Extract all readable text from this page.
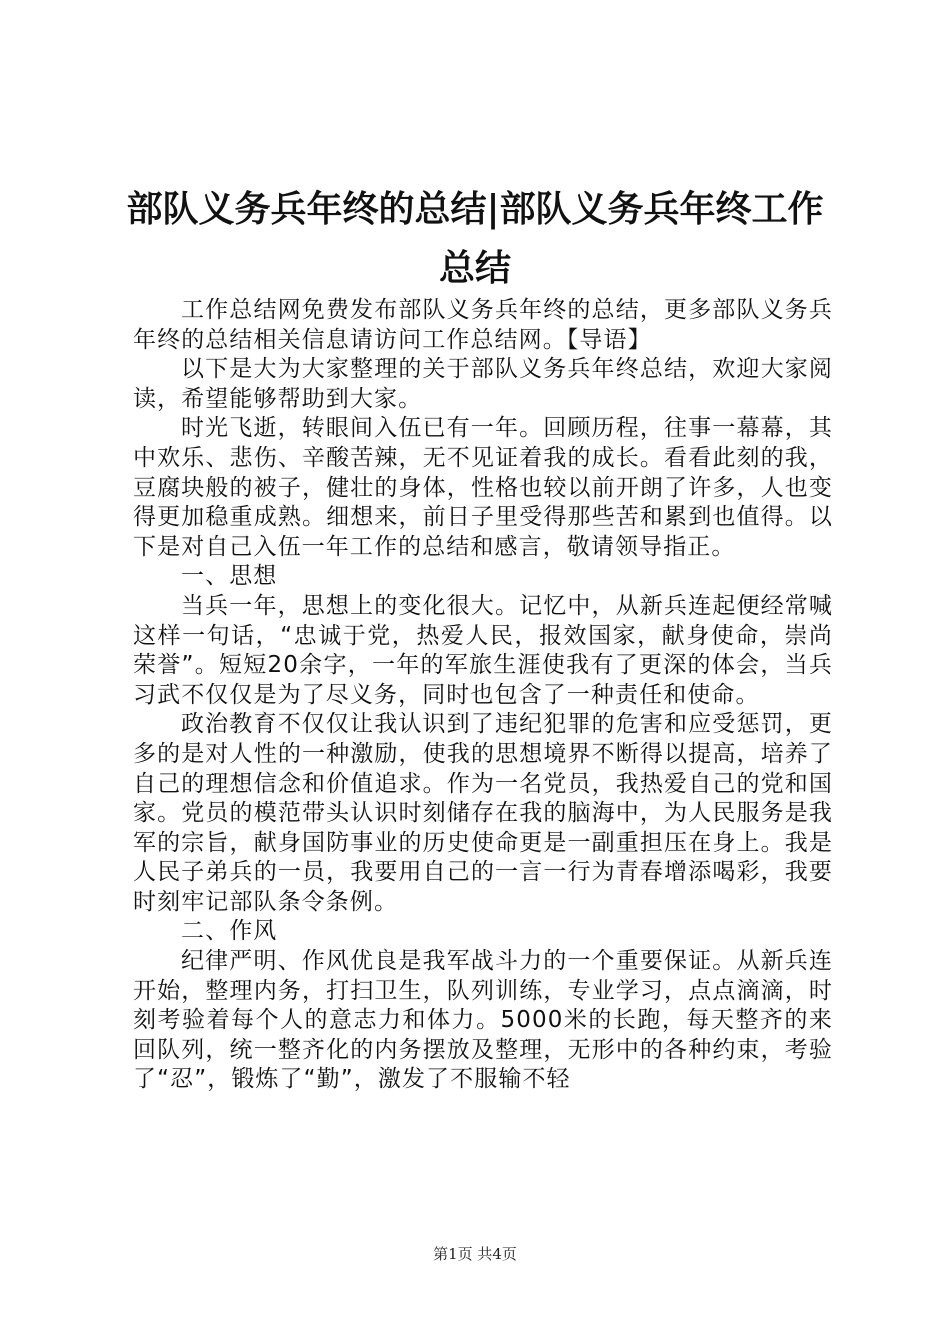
部队义务兵年终的总结|部队义务兵年终工作
总结

工作总结网免费发布部队义务兵年终的总结，更多部队义务兵年终的总结相关信息请访问工作总结网。【导语】

以下是大为大家整理的关于部队义务兵年终总结，欢迎大家阅读，希望能够帮助到大家。

时光飞逝，转眼间入伍已有一年。回顾历程，往事一幕幕，其中欢乐、悲伤、辛酸苦辣，无不见证着我的成长。看看此刻的我，豆腐块般的被子，健壮的身体，性格也较以前开朗了许多，人也变得更加稳重成熟。细想来，前日子里受得那些苦和累到也值得。以下是对自己入伍一年工作的总结和感言，敬请领导指正。

一、思想

当兵一年，思想上的变化很大。记忆中，从新兵连起便经常喊这样一句话，“忠诚于党，热爱人民，报效国家，献身使命，崇尚荣誉”。短短20余字，一年的军旅生涯使我有了更深的体会，当兵习武不仅仅是为了尽义务，同时也包含了一种责任和使命。

政治教育不仅仅让我认识到了违纪犯罪的危害和应受惩罚，更多的是对人性的一种激励，使我的思想境界不断得以提高，培养了自己的理想信念和价值追求。作为一名党员，我热爱自己的党和国家。党员的模范带头认识时刻储存在我的脑海中，为人民服务是我军的宗旨，献身国防事业的历史使命更是一副重担压在身上。我是人民子弟兵的一员，我要用自己的一言一行为青春增添喝彩，我要时刻牢记部队条令条例。

二、作风

纪律严明、作风优良是我军战斗力的一个重要保证。从新兵连开始，整理内务，打扫卫生，队列训练，专业学习，点点滴滴，时刻考验着每个人的意志力和体力。5000米的长跑，每天整齐的来回队列，统一整齐化的内务摆放及整理，无形中的各种约束，考验了“忍”，锻炼了“勤”，激发了不服输不轻

第1页 共4页
